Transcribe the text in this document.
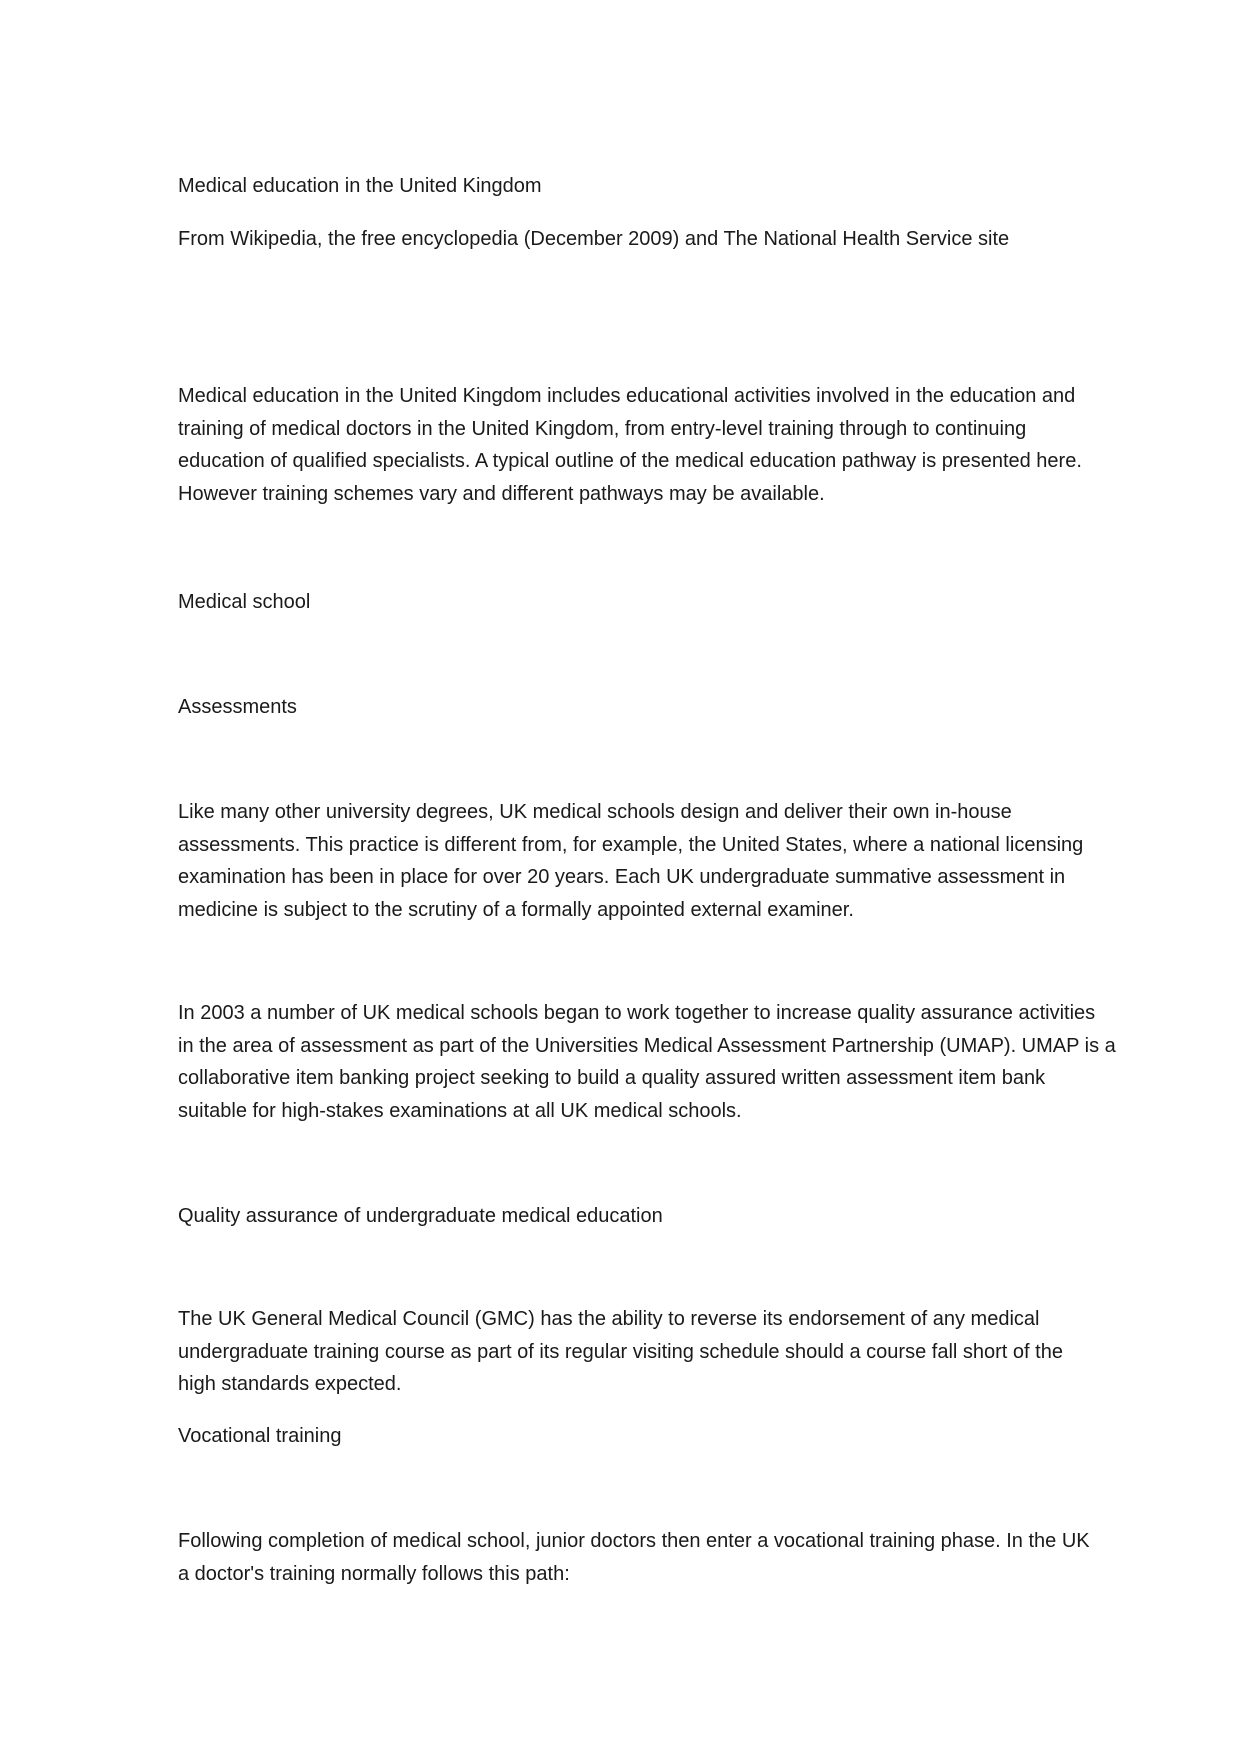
Medical education in the United Kingdom

From Wikipedia, the free encyclopedia (December 2009) and The National Health Service site

Medical education in the United Kingdom includes educational activities involved in the education and
training of medical doctors in the United Kingdom, from entry-level training through to continuing
education of qualified specialists. A typical outline of the medical education pathway is presented here.
However training schemes vary and different pathways may be available.

Medical school

Assessments

Like many other university degrees, UK medical schools design and deliver their own in-house
assessments. This practice is different from, for example, the United States, where a national licensing
examination has been in place for over 20 years. Each UK undergraduate summative assessment in
medicine is subject to the scrutiny of a formally appointed external examiner.
In 2003 a number of UK medical schools began to work together to increase quality assurance activities
in the area of assessment as part of the Universities Medical Assessment Partnership (UMAP). UMAP is a
collaborative item banking project seeking to build a quality assured written assessment item bank
suitable for high-stakes examinations at all UK medical schools.

Quality assurance of undergraduate medical education

The UK General Medical Council (GMC) has the ability to reverse its endorsement of any medical
undergraduate training course as part of its regular visiting schedule should a course fall short of the
high standards expected.

Vocational training

Following completion of medical school, junior doctors then enter a vocational training phase. In the UK
a doctor's training normally follows this path:
